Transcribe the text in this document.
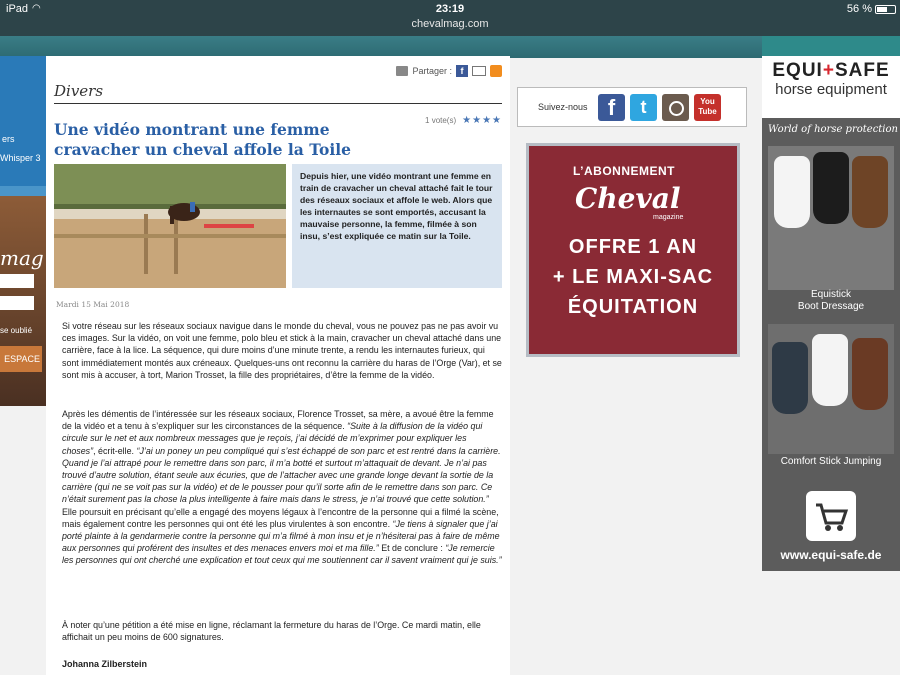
iPad ◠	23:19
chevalmag.com
56 %
ers
Whisper 3
mag
se oublié
ESPACE
Partager : f
Divers
1 vote(s) ★★★★
Une vidéo montrant une femme cravacher un cheval affole la Toile
Depuis hier, une vidéo montrant une femme en train de cravacher un cheval attaché fait le tour des réseaux sociaux et affole le web. Alors que les internautes se sont emportés, accusant la mauvaise personne, la femme, filmée à son insu, s’est expliquée ce matin sur la Toile.
Mardi 15 Mai 2018

Si votre réseau sur les réseaux sociaux navigue dans le monde du cheval, vous ne pouvez pas ne pas avoir vu ces images. Sur la vidéo, on voit une femme, polo bleu et stick à la main, cravacher un cheval attaché dans une carrière, face à la lice. La séquence, qui dure moins d’une minute trente, a rendu les internautes furieux, qui sont immédiatement montés aux créneaux. Quelques-uns ont reconnu la carrière du haras de l’Orge (Var), et se sont mis à accuser, à tort, Marion Trosset, la fille des propriétaires, d’être la femme de la vidéo.

Après les démentis de l’intéressée sur les réseaux sociaux, Florence Trosset, sa mère, a avoué être la femme de la vidéo et a tenu à s’expliquer sur les circonstances de la séquence. “Suite à la diffusion de la vidéo qui circule sur le net et aux nombreux messages que je reçois, j’ai décidé de m’exprimer pour expliquer les choses”, écrit-elle. “J’ai un poney un peu compliqué qui s’est échappé de son parc et est rentré dans la carrière. Quand je l’ai attrapé pour le remettre dans son parc, il m’a botté et surtout m’attaquait de devant. Je n’ai pas trouvé d’autre solution, étant seule aux écuries, que de l’attacher avec une grande longe devant la sortie de la carrière (qui ne se voit pas sur la vidéo) et de le pousser pour qu’il sorte afin de le remettre dans son parc. Ce n’était surement pas la chose la plus intelligente à faire mais dans le stress, je n’ai trouvé que cette solution.” Elle poursuit en précisant qu’elle a engagé des moyens légaux à l’encontre de la personne qui a filmé la scène, mais également contre les personnes qui ont été les plus virulentes à son encontre. “Je tiens à signaler que j’ai porté plainte à la gendarmerie contre la personne qui m’a filmé à mon insu et je n’hésiterai pas à faire de même aux personnes qui proférent des insultes et des menaces envers moi et ma fille.” Et de conclure : “Je remercie les personnes qui ont cherché une explication et tout ceux qui me soutiennent car il savent vraiment qui je suis.”

À noter qu’une pétition a été mise en ligne, réclamant la fermeture du haras de l’Orge. Ce mardi matin, elle affichait un peu moins de 600 signatures.

Johanna Zilberstein
Suivez-nous f	t	You Tube
L’ABONNEMENT
Cheval
magazine
OFFRE 1 AN
+ LE MAXI-SAC
ÉQUITATION
EQUI+SAFE
horse equipment
World of horse protection
Equistick
Boot Dressage
Comfort Stick Jumping
www.equi-safe.de
